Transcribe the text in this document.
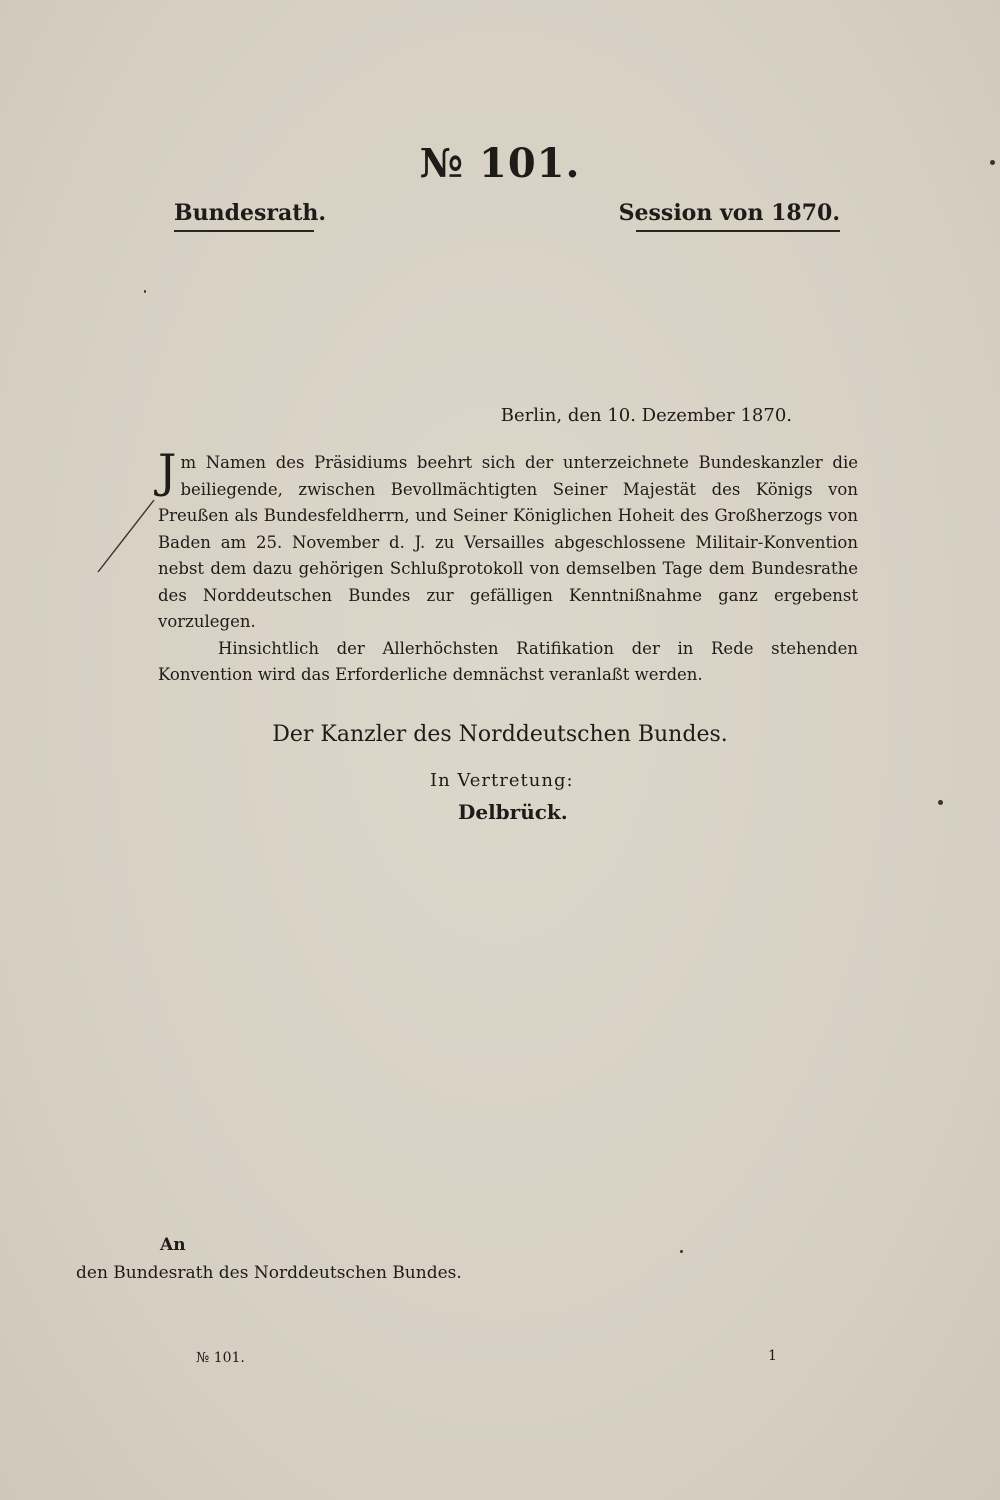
№ 101.
Bundesrath.	Session von 1870.
Berlin, den 10. Dezember 1870.

Jm Namen des Präsidiums beehrt sich der unterzeichnete Bundeskanzler die beiliegende, zwischen Bevollmächtigten Seiner Majestät des Königs von Preußen als Bundesfeldherrn, und Seiner Königlichen Hoheit des Großherzogs von Baden am 25. November d. J. zu Versailles abgeschlossene Militair-Konvention nebst dem dazu gehörigen Schlußprotokoll von demselben Tage dem Bundesrathe des Norddeutschen Bundes zur gefälligen Kenntnißnahme ganz ergebenst vorzulegen.

Hinsichtlich der Allerhöchsten Ratifikation der in Rede stehenden Konvention wird das Erforderliche demnächst veranlaßt werden.

Der Kanzler des Norddeutschen Bundes.
In Vertretung:
Delbrück.
An
den Bundesrath des Norddeutschen Bundes.
№ 101.	1
